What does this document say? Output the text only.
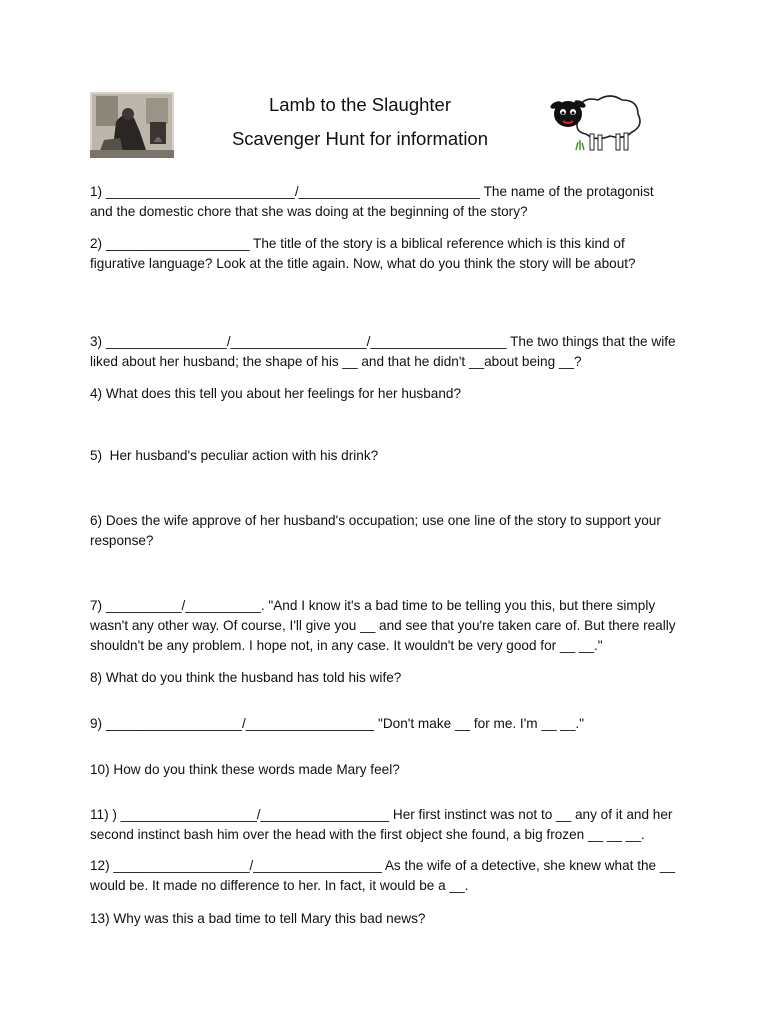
Lamb to the Slaughter
Scavenger Hunt for information
1) _________________________/________________________ The name of the protagonist and the domestic chore that she was doing at the beginning of the story?
2) ___________________ The title of the story is a biblical reference which is this kind of figurative language? Look at the title again. Now, what do you think the story will be about?
3) ________________/__________________/__________________ The two things that the wife liked about her husband; the shape of his __ and that he didn't __about being __?
4) What does this tell you about her feelings for her husband?
5)  Her husband's peculiar action with his drink?
6) Does the wife approve of her husband's occupation; use one line of the story to support your response?
7) __________/__________. "And I know it's a bad time to be telling you this, but there simply wasn't any other way. Of course, I'll give you __ and see that you're taken care of. But there really shouldn't be any problem. I hope not, in any case. It wouldn't be very good for __ __."
8) What do you think the husband has told his wife?
9) __________________/_________________ "Don't make __ for me. I'm __ __."
10) How do you think these words made Mary feel?
11) ) __________________/_________________ Her first instinct was not to __ any of it and her second instinct bash him over the head with the first object she found, a big frozen __ __ __.
12) __________________/_________________ As the wife of a detective, she knew what the __ would be. It made no difference to her. In fact, it would be a __.
13) Why was this a bad time to tell Mary this bad news?
